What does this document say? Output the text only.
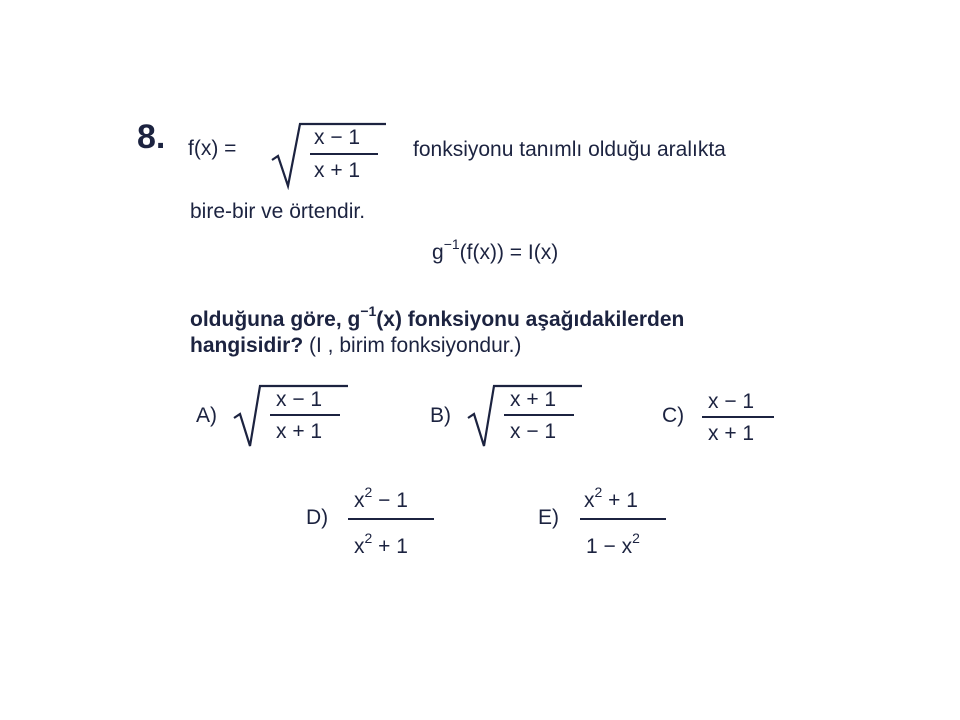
8. f(x) =	x − 1
x + 1
fonksiyonu tanımlı olduğu aralıkta
bire-bir ve örtendir.
$g^{-1}(f(x)) = I(x)$
olduğuna göre, $g^{-1}(x)$ fonksiyonu aşağıdakilerden
hangisidir? (I , birim fonksiyondur.)
A)
x − 1
x + 1
B)
x + 1
x − 1
C)
x − 1
x + 1
D)
$x^2 - 1$
$x^2 + 1$
E)
$x^2 + 1$
$1 - x^2$
